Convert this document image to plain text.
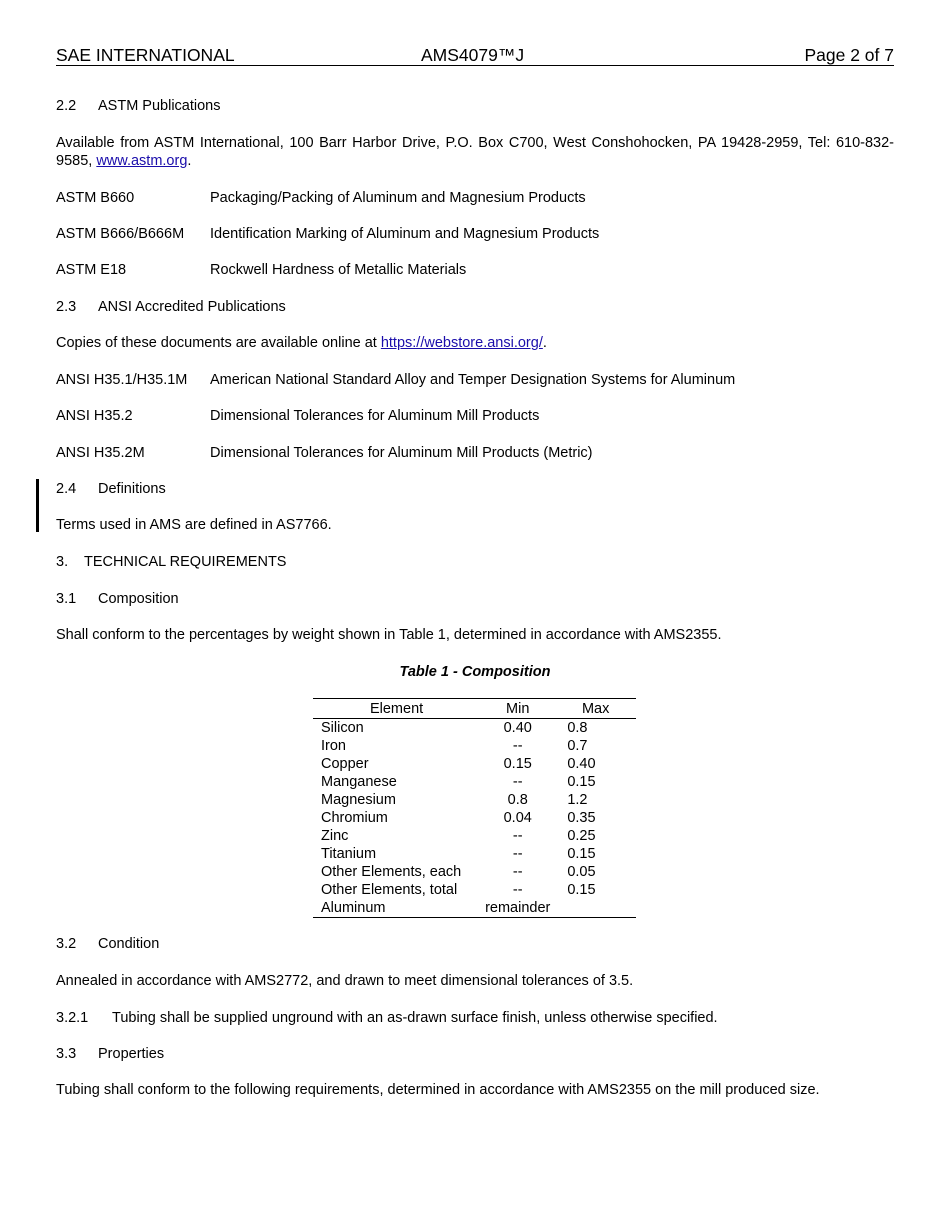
SAE INTERNATIONAL	AMS4079™J	Page 2 of 7
2.2 ASTM Publications
Available from ASTM International, 100 Barr Harbor Drive, P.O. Box C700, West Conshohocken, PA 19428-2959, Tel: 610-832-9585, www.astm.org.
ASTM B660	Packaging/Packing of Aluminum and Magnesium Products
ASTM B666/B666M Identification Marking of Aluminum and Magnesium Products
ASTM E18	Rockwell Hardness of Metallic Materials
2.3 ANSI Accredited Publications
Copies of these documents are available online at https://webstore.ansi.org/.
ANSI H35.1/H35.1M American National Standard Alloy and Temper Designation Systems for Aluminum
ANSI H35.2	Dimensional Tolerances for Aluminum Mill Products
ANSI H35.2M	Dimensional Tolerances for Aluminum Mill Products (Metric)
2.4 Definitions
Terms used in AMS are defined in AS7766.
3. TECHNICAL REQUIREMENTS
3.1 Composition
Shall conform to the percentages by weight shown in Table 1, determined in accordance with AMS2355.
Table 1 - Composition
Element	Min	Max
Silicon	0.40	0.8
Iron	--	0.7
Copper	0.15	0.40
Manganese	--	0.15
Magnesium	0.8	1.2
Chromium	0.04	0.35
Zinc	--	0.25
Titanium	--	0.15
Other Elements, each	--	0.05
Other Elements, total	--	0.15
Aluminum	remainder	
3.2 Condition
Annealed in accordance with AMS2772, and drawn to meet dimensional tolerances of 3.5.
3.2.1 Tubing shall be supplied unground with an as-drawn surface finish, unless otherwise specified.
3.3 Properties
Tubing shall conform to the following requirements, determined in accordance with AMS2355 on the mill produced size.
